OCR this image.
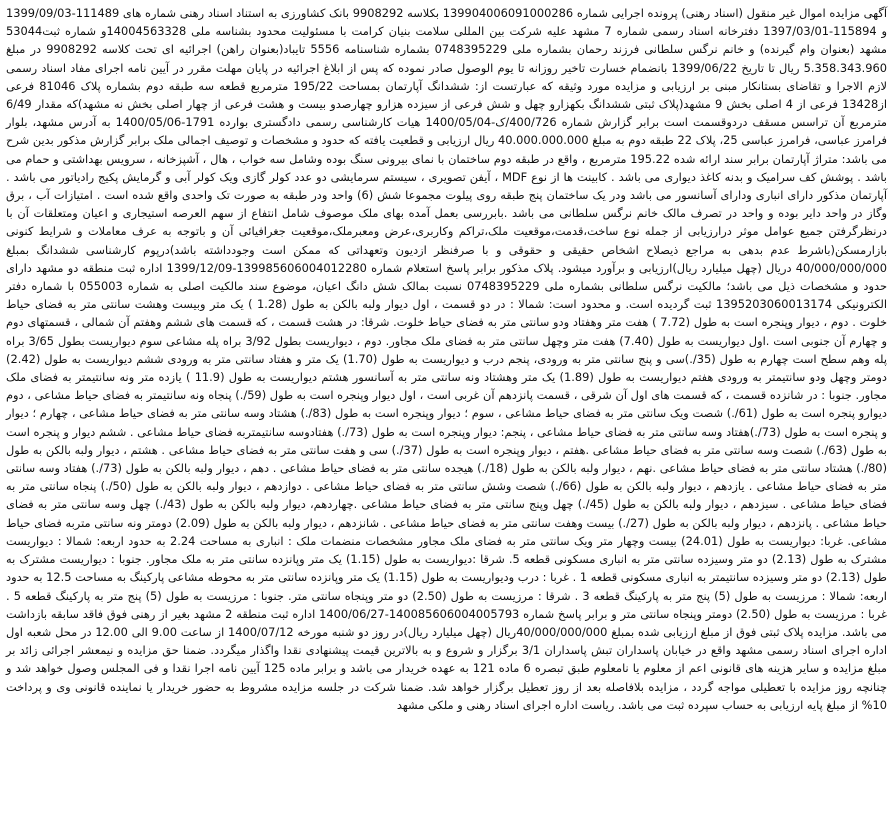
آگهی مزایده اموال غیر منقول (اسناد رهنی) پرونده اجرایی شماره 139904006091000286 بکلاسه 9908292 بانک کشاورزی به استناد اسناد رهنی شماره های 111489-1399/09/03 و 115894-1397/03/01 دفترخانه اسناد رسمی شماره 7 مشهد علیه شرکت بین المللی سلامت بنیان کرامت با مسئولیت محدود بشناسه ملی 14004563328و شماره ثبت53044 مشهد (بعنوان وام گیرنده) و خانم نرگس سلطانی فرزند رحمان بشماره ملی 0748395229 بشماره شناسنامه 5556 تایباد(بعنوان راهن) اجرائیه ای تحت کلاسه 9908292 در مبلغ 5.358.343.960 ریال تا تاریخ 1399/06/22 بانضمام خسارت تاخیر روزانه تا یوم الوصول صادر نموده که پس از ابلاغ اجرائیه در پایان مهلت مقرر در آیین نامه اجرای مفاد اسناد رسمی لازم الاجرا و تقاضای بستانکار مبنی بر ارزیابی و مزایده مورد وثیقه که عبارتست از: ششدانگ آپارتمان بمساحت 195/22 مترمربع قطعه سه طبقه دوم بشماره پلاک 81046 فرعی از13428 فرعی از 4 اصلی بخش 9 مشهد(پلاک ثبتی ششدانگ بکهزارو چهل و شش فرعی از سیزده هزارو چهارصدو بیست و هشت فرعی از چهار اصلی بخش نه مشهد)که مقدار 6/49 مترمربع آن تراسس مسقف دردوقسمت است برابر گزارش شماره 400/726/ک-1400/05/04 هیات کارشناسی رسمی دادگستری بوارده 1791-1400/05/06 به آدرس مشهد، بلوار فرامرز عباسی، فرامرز عباسی 25، پلاک 22 طبقه دوم به مبلغ 40.000.000.000 ریال ارزیابی و قطعیت یافته که حدود و مشخصات و توصیف اجمالی ملک برابر گزارش مذکور بدین شرح می باشد: متراژ آپارتمان برابر سند ارائه شده 195.22 مترمربع ، واقع در طبقه دوم ساختمان با نمای بیرونی سنگ بوده وشامل سه خواب ، هال ، آشپزخانه ، سرویس بهداشتی و حمام می باشد . پوشش کف سرامیک و بدنه کاغذ دیواری می باشد . کابینت ها از نوع MDF ، آیفن تصویری ، سیستم سرمایشی دو عدد کولر گازی ویک کولر آبی و گرمایش پکیج رادیاتور می باشد . آپارتمان مذکور دارای انباری ودارای آسانسور می باشد ودر یک ساختمان پنج طبقه روی پیلوت مجموعا شش (6) واحد ودر طبقه به صورت تک واحدی واقع شده است . امتیازات آب ، برق وگاز در واحد دایر بوده و واحد در تصرف مالک خانم نرگس سلطانی می باشد .بابررسی بعمل آمده بهای ملک موصوف شامل انتفاع از سهم العرصه استیجاری و اعیان ومتعلقات آن با درنظرگرفتن جمیع عوامل موثر درارزیابی از جمله نوع ساخت،قدمت،موقعیت ملک،تراکم وکاربری،عرض ومعبرملک،موقعیت جغرافیائی آن و باتوجه به عرف معاملات و شرایط کنونی بازارمسکن(باشرط عدم بدهی به مراجع ذیصلاح اشخاص حقیقی و حقوقی و با صرفنظر ازدیون وتعهداتی که ممکن است وجودداشته باشد)درپوم کارشناسی ششدانگ بمبلغ 40/000/000/000 دریال (چهل میلیارد ریال)ارزیابی و برآورد میشود. پلاک مذکور برابر پاسخ استعلام شماره 139985606004012280-1399/12/09 اداره ثبت منطقه دو مشهد دارای حدود و مشخصات ذیل می باشد؛ مالکیت نرگس سلطانی بشماره ملی 0748395229 نسبت بمالک شش دانگ اعیان، موضوع سند مالکیت اصلی به شماره 055003 با شماره دفتر الکترونیکی 1395203060013174 ثبت گردیده است. و محدود است: شمالا : در دو قسمت ، اول دیوار ولبه بالکن به طول (1.28 ) یک متر وبیست وهشت سانتی متر به فضای حیاط خلوت . دوم ، دیوار وپنجره است به طول (7.72 ) هفت متر وهفتاد ودو سانتی متر به فضای حیاط خلوت. شرقا: در هشت قسمت ، که قسمت های ششم وهفتم آن شمالی ، قسمتهای دوم و چهارم آن جنوبی است .اول دیواریست به طول (7.40) هفت متر وچهل سانتی متر به فضای ملک مجاور. دوم ، دیواریست بطول 3/92 براه پله مشاعی سوم دیواریست بطول 3/65 براه پله وهم سطح است چهارم به طول (35/.)سی و پنج سانتی متر به ورودی، پنجم درب و دیواریست به طول (1.70) یک متر و هفتاد سانتی متر به ورودی ششم دیواریست به طول (2.42) دومتر وچهل ودو سانتیمتر به ورودی هفتم دیواریست به طول (1.89) یک متر وهشتاد ونه سانتی متر به آسانسور هشتم دیواریست به طول (11.9 ) یازده متر ونه سانتیمتر به فضای ملک مجاور. جنوبا : در شانزده قسمت ، که قسمت های اول آن شرقی ، قسمت پانزدهم آن غربی است ، اول دیوار وپنجره است به طول (59/.) پنجاه ونه سانتیمتر به فضای حیاط مشاعی ، دوم دیوارو پنجره است به طول (61/.) شصت ویک سانتی متر به فضای حیاط مشاعی ، سوم ؛ دیوار وپنجره است به طول (83/.) هشتاد وسه سانتی متر به فضای حیاط مشاعی ، چهارم ؛ دیوار و پنجره است به طول (73/.)هفتاد وسه سانتی متر به فضای حیاط مشاعی ، پنجم: دیوار وپنجره است به طول (73/.) هفتادوسه سانتیمتربه فضای حیاط مشاعی . ششم دیوار و پنجره است به طول (63/.) شصت وسه سانتی متر به فضای حیاط مشاعی .هفتم ، دیوار وپنجره است به طول (37/.) سی و هفت سانتی متر به فضای حیاط مشاعی . هشتم ، دیوار ولبه بالکن به طول (80/.) هشتاد سانتی متر به فضای حیاط مشاعی .نهم ، دیوار ولبه بالکن به طول (18/.) هیجده سانتی متر به فضای حیاط مشاعی . دهم ، دیوار ولبه بالکن به طول (73/.) هفتاد وسه سانتی متر به فضای حیاط مشاعی . یازدهم ، دیوار ولبه بالکن به طول (66/.) شصت وشش سانتی متر به فضای حیاط مشاعی . دوازدهم ، دیوار ولبه بالکن به طول (50/.) پنجاه سانتی متر به فضای حیاط مشاعی . سیزدهم ، دیوار ولبه بالکن به طول (45/.) چهل وپنج سانتی متر به فضای حیاط مشاعی .چهاردهم، دیوار ولبه بالکن به طول (43/.) چهل وسه سانتی متر به فضای حیاط مشاعی . پانزدهم ، دیوار ولبه بالکن به طول (27/.) بیست وهفت سانتی متر به فضای حیاط مشاعی . شانزدهم ، دیوار ولبه بالکن به طول (2.09) دومتر ونه سانتی متربه فضای حیاط مشاعی. غربا: دیواریست به طول (24.01) بیست وچهار متر ویک سانتی متر به فضای ملک مجاور مشخصات منضمات ملک : انباری به مساحت 2.24 به حدود اربعه: شمالا : دیواریست مشترک به طول (2.13) دو متر وسیزده سانتی متر به انباری مسکونی قطعه 5. شرقا :دیواریست به طول (1.15) یک متر وپانزده سانتی متر به ملک مجاور. جنوبا : دیواریست مشترک به طول (2.13) دو متر وسیزده سانتیمتر به انباری مسکونی قطعه 1 . غربا : درب ودیواریست به طول (1.15) یک متر وپانزده سانتی متر به محوطه مشاعی پارکینگ به مساحت 12.5 به حدود اربعه: شمالا : مرزیست به طول (5) پنج متر به پارکینگ قطعه 3 . شرقا : مرزیست به طول (2.50) دو متر وپنجاه سانتی متر. جنوبا : مرزیست به طول (5) پنج متر به پارکینگ قطعه 5 . غربا : مرزیست به طول (2.50) دومتر وپنجاه سانتی متر و برابر پاسخ شماره 140085606004005793-1400/06/27 اداره ثبت منطقه 2 مشهد بغیر از رهنی فوق فاقد سابقه بازداشت می باشد. مزایده پلاک ثبتی فوق از مبلغ ارزیابی شده بمبلغ 40/000/000/000ریال (چهل میلیارد ریال)در روز دو شنبه مورخه 1400/07/12 از ساعت 9.00 الی 12.00 در محل شعبه اول اداره اجرای اسناد رسمی مشهد واقع در خیابان پاسداران تبش پاسداران 3/1 برگزار و شروع و به بالاترین قیمت پیشنهادی نقدا واگذار میگردد. ضمنا حق مزایده و نیمعشر اجرائی زائد بر مبلغ مزایده و سایر هزینه های قانونی اعم از معلوم یا نامعلوم طبق تبصره 6 ماده 121 به عهده خریدار می باشد و برابر ماده 125 آیین نامه اجرا نقدا و فی المجلس وصول خواهد شد و چنانچه روز مزایده با تعطیلی مواجه گردد ، مزایده بلافاصله بعد از روز تعطیل برگزار خواهد شد. ضمنا شرکت در جلسه مزایده مشروط به حضور خریدار یا نماینده قانونی وی و پرداخت 10% از مبلغ پایه ارزیابی به حساب سپرده ثبت می باشد. ریاست اداره اجرای اسناد رهنی و ملکی مشهد
